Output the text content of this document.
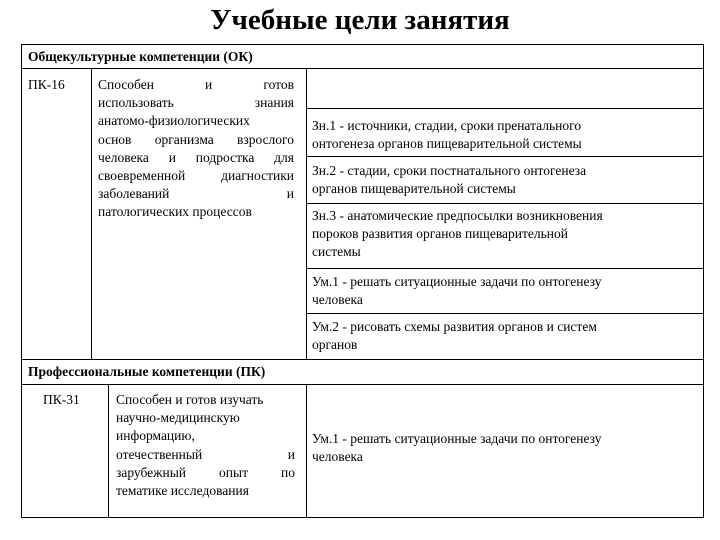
Учебные цели занятия
Общекультурные компетенции (ОК)
ПК-16 Способен и готов
использовать знания
анатомо-физиологических
основ организма взрослого
человека и подростка для
своевременной диагностики
заболеваний и
патологических процессов
Зн.1 - источники, стадии, сроки пренатального
онтогенеза органов пищеварительной системы
Зн.2 - стадии, сроки постнатального онтогенеза
органов пищеварительной системы
Зн.3 - анатомические предпосылки возникновения
пороков развития органов пищеварительной
системы
Ум.1 - решать ситуационные задачи по онтогенезу
человека
Ум.2 - рисовать схемы развития органов и систем
органов
Профессиональные компетенции (ПК)
ПК-31	Способен и готов изучать
научно-медицинскую
информацию,
отечественный и
зарубежный опыт по
тематике исследования
Ум.1 - решать ситуационные задачи по онтогенезу
человека
